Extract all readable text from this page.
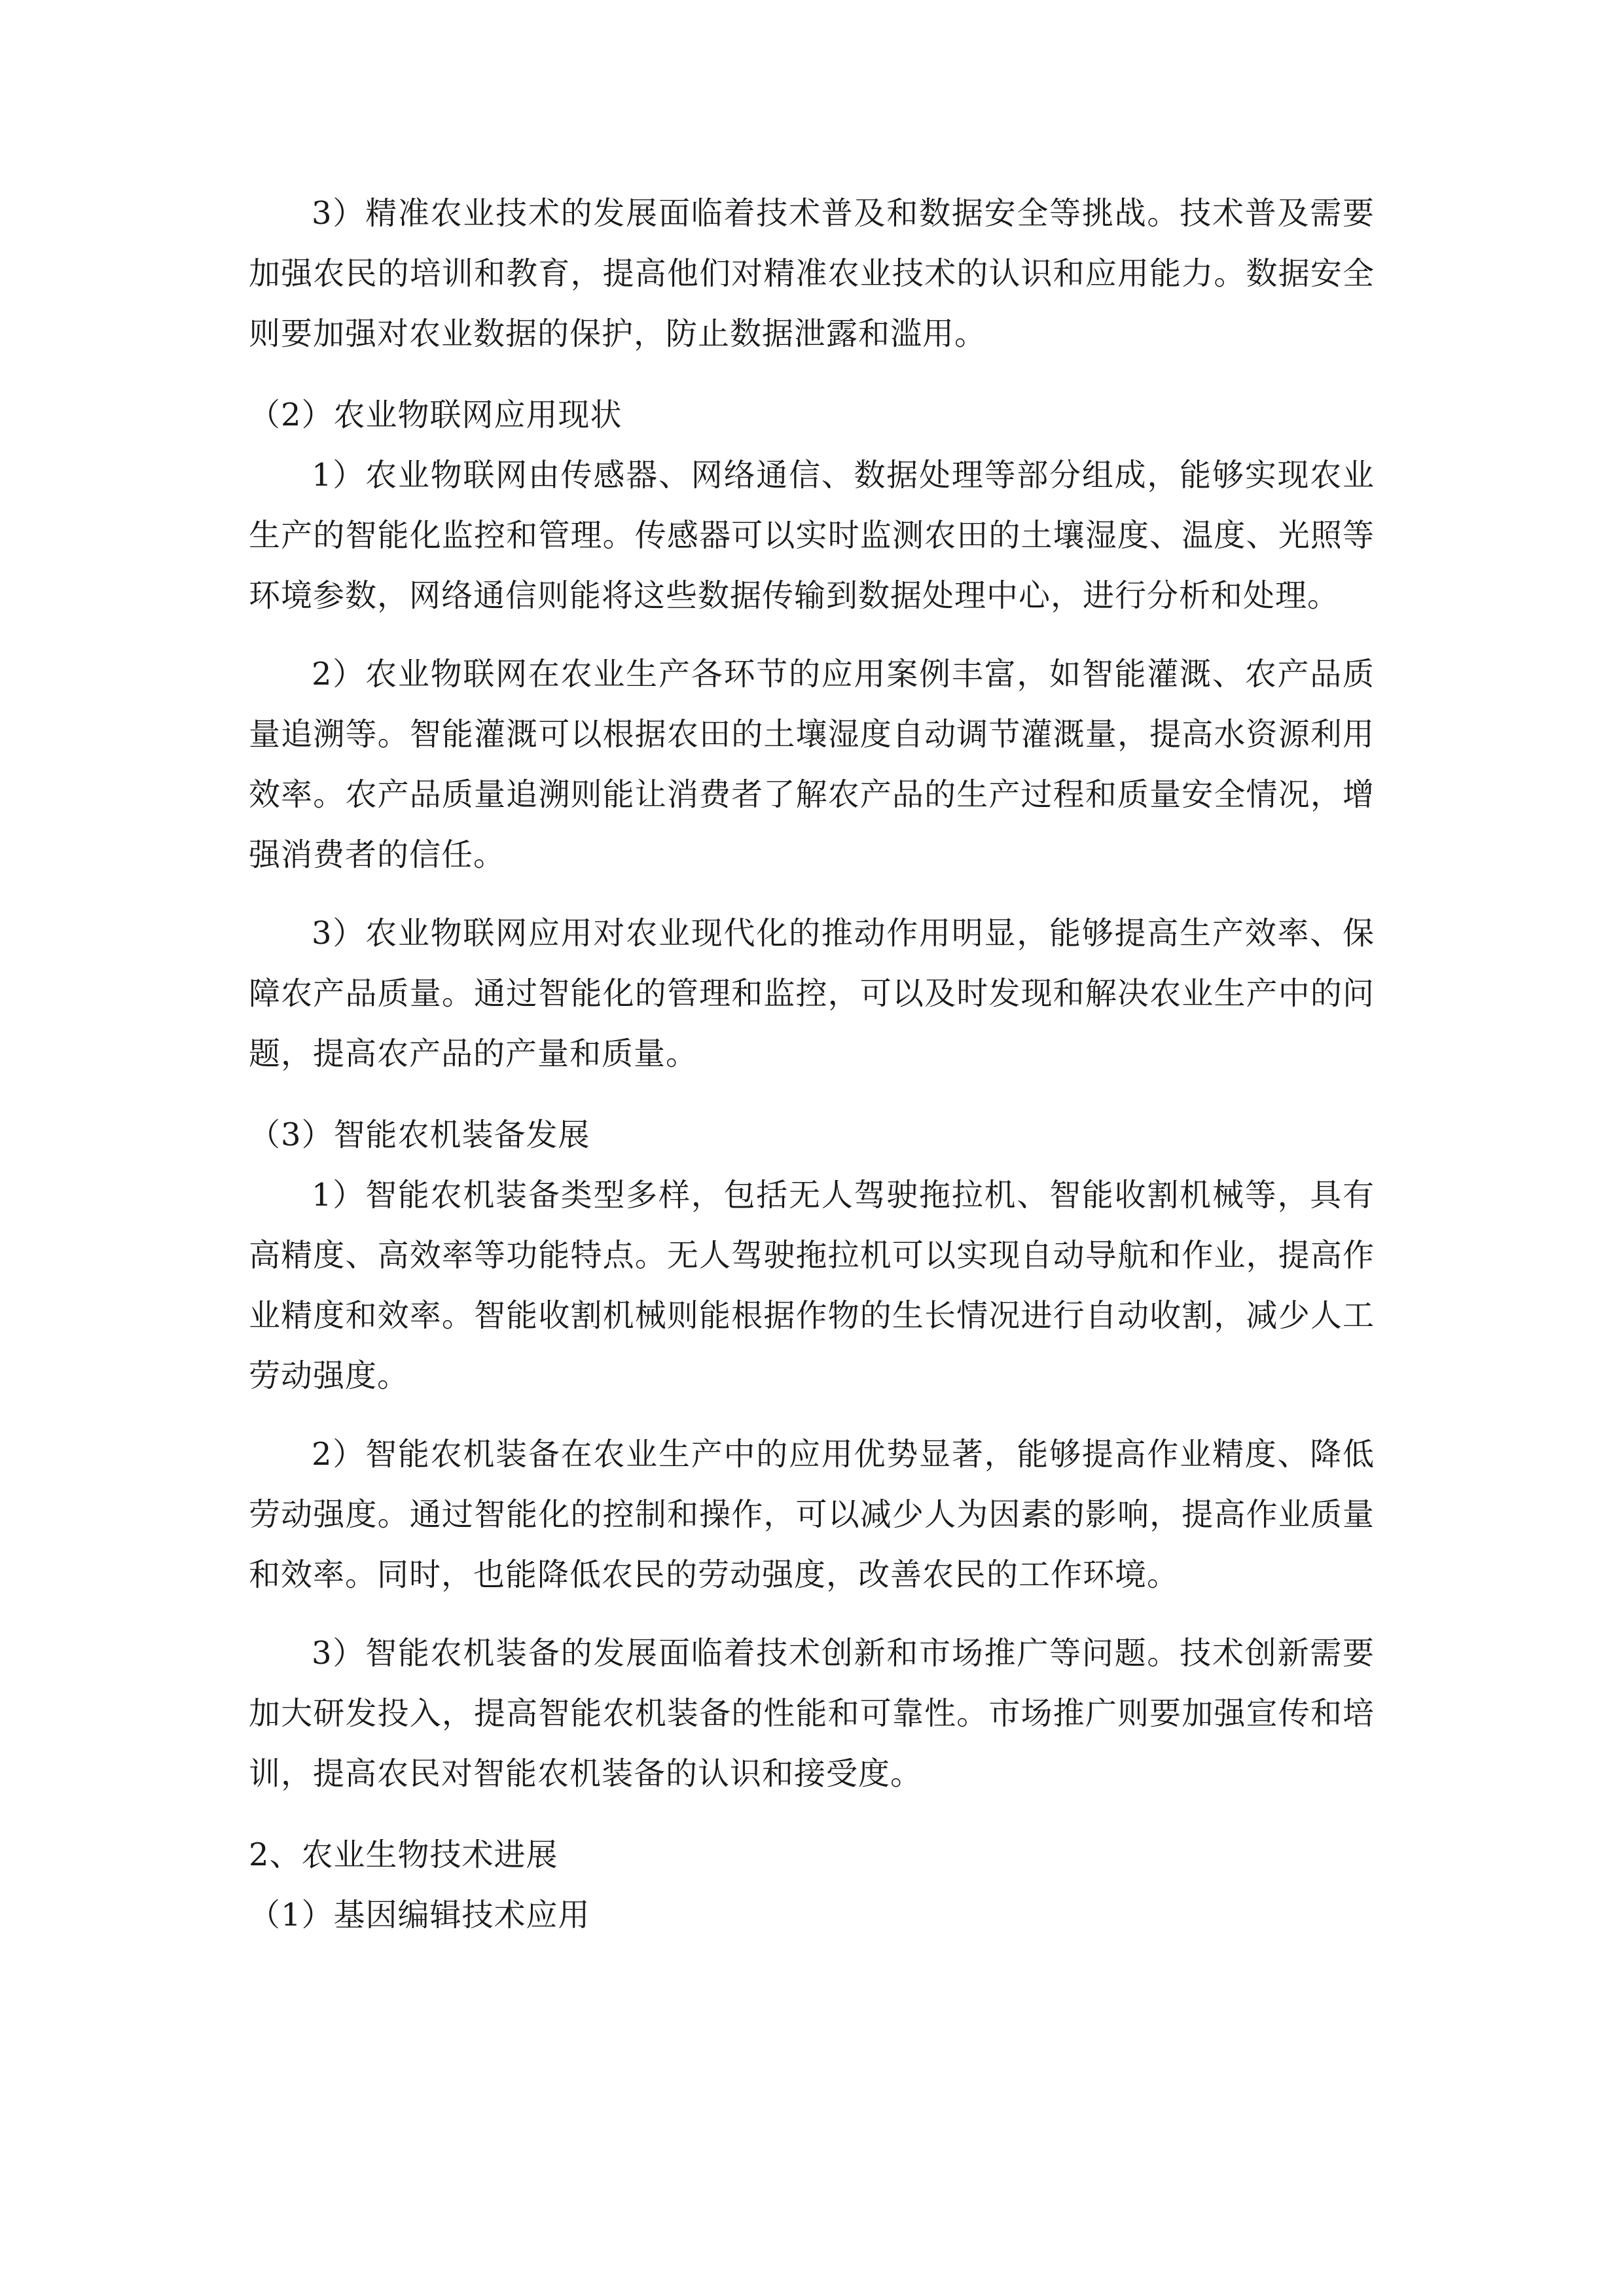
3）精准农业技术的发展面临着技术普及和数据安全等挑战。技术普及需要加强农民的培训和教育，提高他们对精准农业技术的认识和应用能力。数据安全则要加强对农业数据的保护，防止数据泄露和滥用。

（2）农业物联网应用现状

1）农业物联网由传感器、网络通信、数据处理等部分组成，能够实现农业生产的智能化监控和管理。传感器可以实时监测农田的土壤湿度、温度、光照等环境参数，网络通信则能将这些数据传输到数据处理中心，进行分析和处理。

2）农业物联网在农业生产各环节的应用案例丰富，如智能灌溉、农产品质量追溯等。智能灌溉可以根据农田的土壤湿度自动调节灌溉量，提高水资源利用效率。农产品质量追溯则能让消费者了解农产品的生产过程和质量安全情况，增强消费者的信任。

3）农业物联网应用对农业现代化的推动作用明显，能够提高生产效率、保障农产品质量。通过智能化的管理和监控，可以及时发现和解决农业生产中的问题，提高农产品的产量和质量。

（3）智能农机装备发展

1）智能农机装备类型多样，包括无人驾驶拖拉机、智能收割机械等，具有高精度、高效率等功能特点。无人驾驶拖拉机可以实现自动导航和作业，提高作业精度和效率。智能收割机械则能根据作物的生长情况进行自动收割，减少人工劳动强度。

2）智能农机装备在农业生产中的应用优势显著，能够提高作业精度、降低劳动强度。通过智能化的控制和操作，可以减少人为因素的影响，提高作业质量和效率。同时，也能降低农民的劳动强度，改善农民的工作环境。

3）智能农机装备的发展面临着技术创新和市场推广等问题。技术创新需要加大研发投入，提高智能农机装备的性能和可靠性。市场推广则要加强宣传和培训，提高农民对智能农机装备的认识和接受度。

2、农业生物技术进展

（1）基因编辑技术应用
